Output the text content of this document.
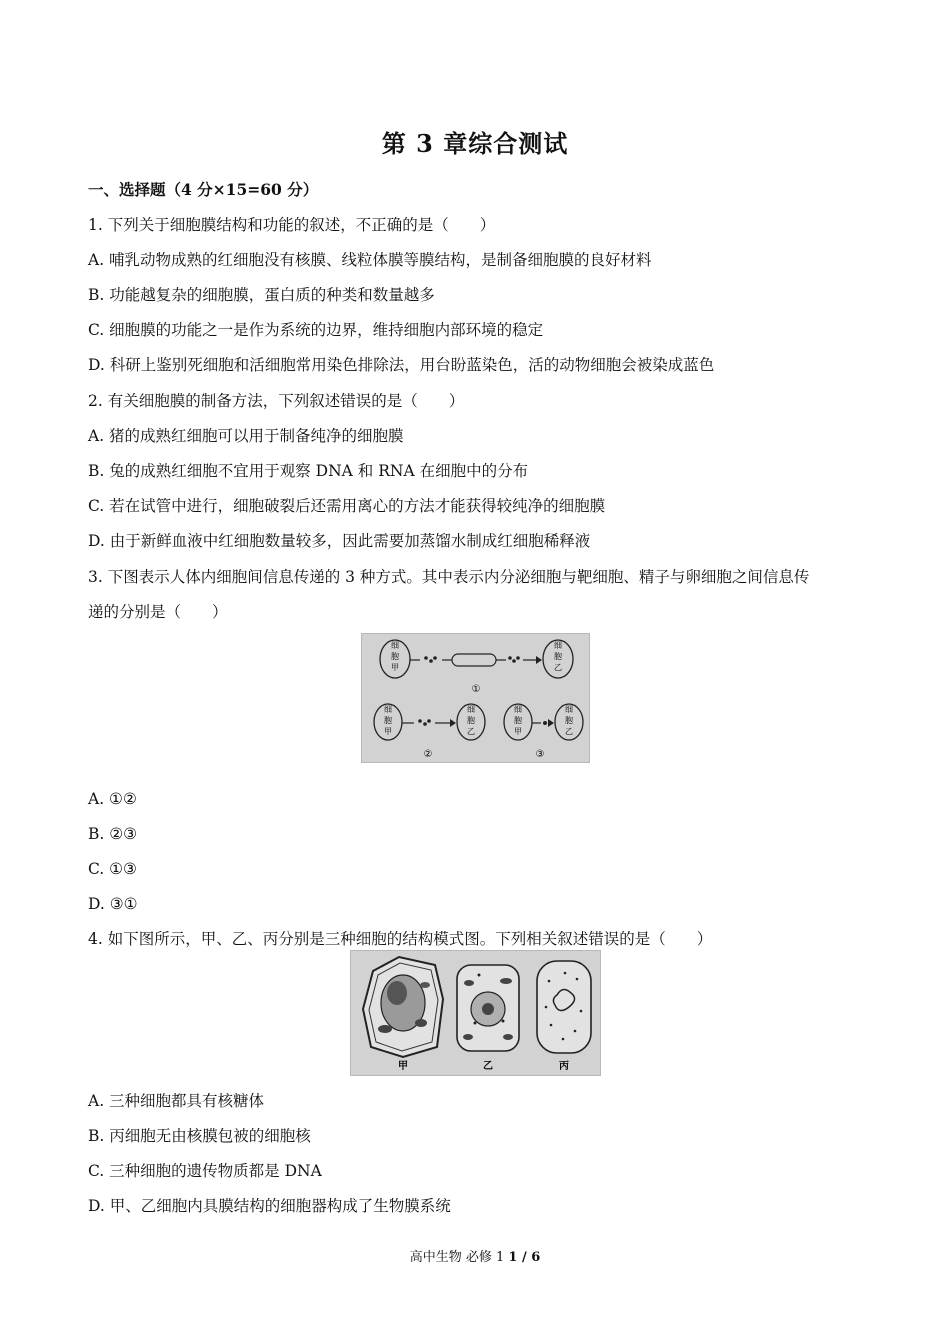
第 3 章综合测试
一、选择题（4 分×15=60 分）
1. 下列关于细胞膜结构和功能的叙述，不正确的是（　　）
A. 哺乳动物成熟的红细胞没有核膜、线粒体膜等膜结构，是制备细胞膜的良好材料
B. 功能越复杂的细胞膜，蛋白质的种类和数量越多
C. 细胞膜的功能之一是作为系统的边界，维持细胞内部环境的稳定
D. 科研上鉴别死细胞和活细胞常用染色排除法，用台盼蓝染色，活的动物细胞会被染成蓝色
2. 有关细胞膜的制备方法，下列叙述错误的是（　　）
A. 猪的成熟红细胞可以用于制备纯净的细胞膜
B. 兔的成熟红细胞不宜用于观察 DNA 和 RNA 在细胞中的分布
C. 若在试管中进行，细胞破裂后还需用离心的方法才能获得较纯净的细胞膜
D. 由于新鲜血液中红细胞数量较多，因此需要加蒸馏水制成红细胞稀释液
3. 下图表示人体内细胞间信息传递的 3 种方式。其中表示内分泌细胞与靶细胞、精子与卵细胞之间信息传
递的分别是（　　）
细
胞
甲
细
胞
乙
①
细
胞
甲
细
胞
乙
②
细
胞
甲
细
胞
乙
③
A. ①②
B. ②③
C. ①③
D. ③①
4. 如下图所示，甲、乙、丙分别是三种细胞的结构模式图。下列相关叙述错误的是（　　）
甲	乙	丙
A. 三种细胞都具有核糖体
B. 丙细胞无由核膜包被的细胞核
C. 三种细胞的遗传物质都是 DNA
D. 甲、乙细胞内具膜结构的细胞器构成了生物膜系统
高中生物 必修 1 1 / 6
